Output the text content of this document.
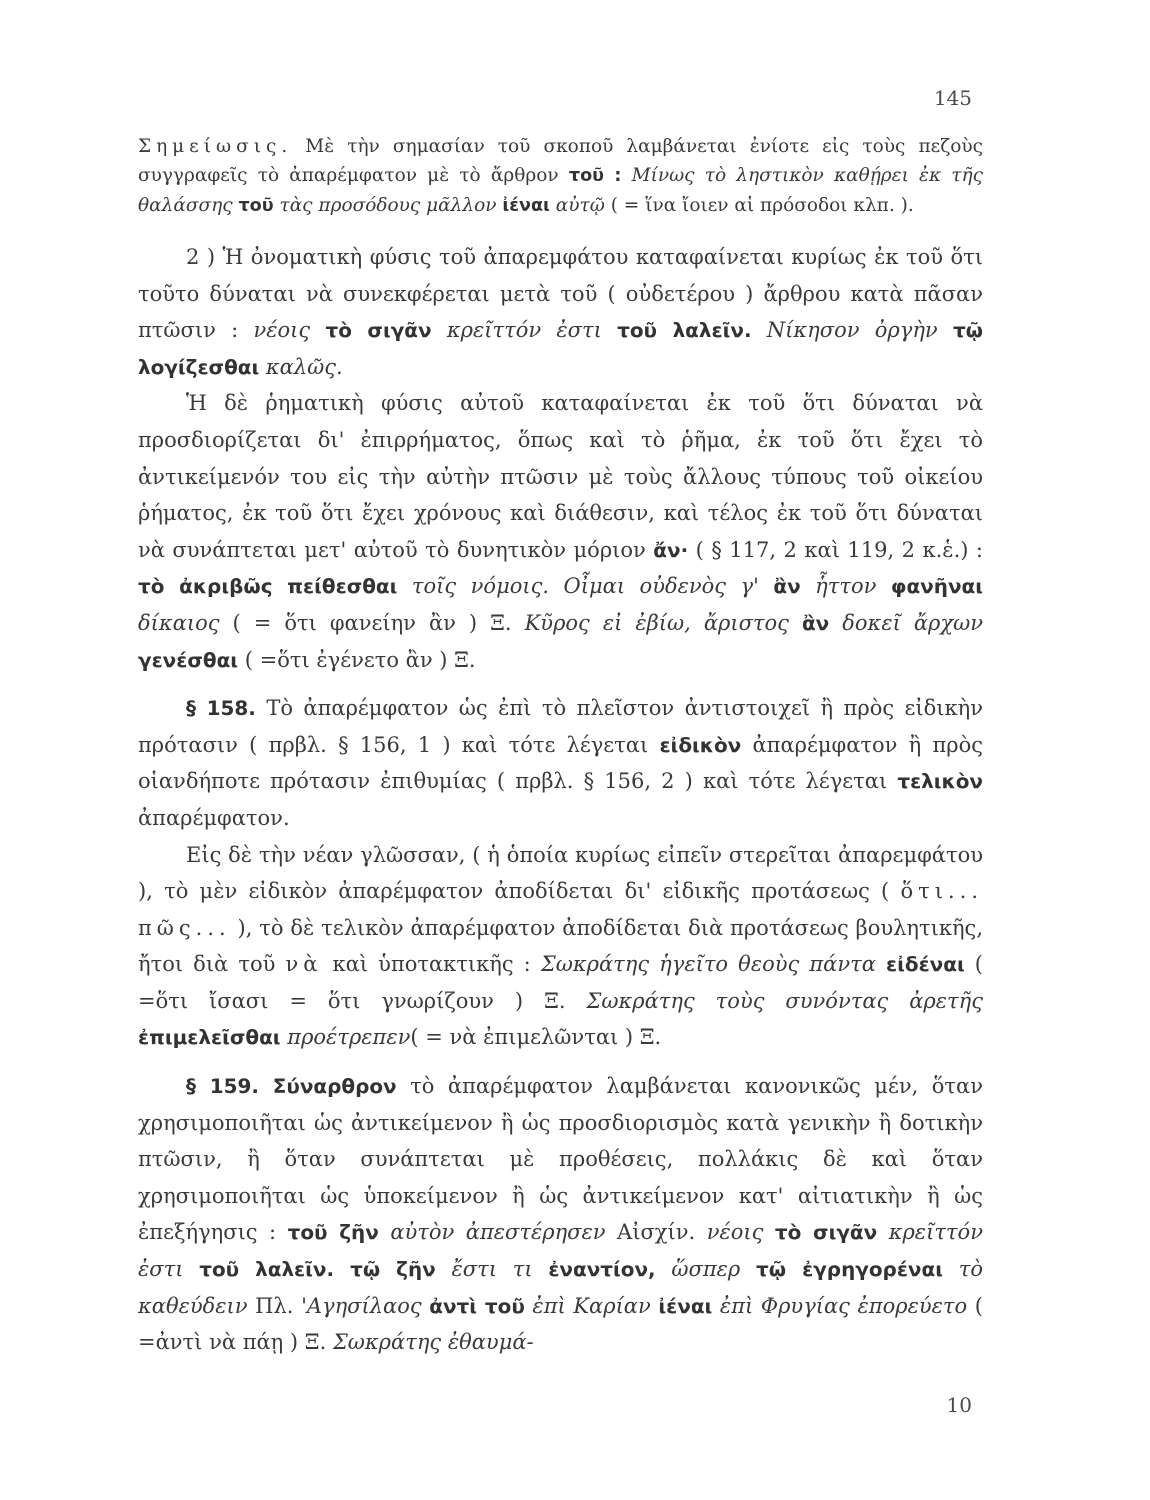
145

Σημείωσις. Μὲ τὴν σημασίαν τοῦ σκοποῦ λαμβάνεται ἐνίοτε εἰς τοὺς πεζοὺς συγγραφεῖς τὸ ἀπαρέμφατον μὲ τὸ ἄρθρον τοῦ : Μίνως τὸ ληστικὸν καθῄρει ἐκ τῆς θαλάσσης τοῦ τὰς προσόδους μᾶλλον ἰέναι αὐτῷ ( = ἵνα ἴοιεν αἱ πρόσοδοι κλπ. ).

2 ) Ἡ ὀνοματικὴ φύσις τοῦ ἀπαρεμφάτου καταφαίνεται κυρίως ἐκ τοῦ ὅτι τοῦτο δύναται νὰ συνεκφέρεται μετὰ τοῦ ( οὐδετέρου ) ἄρθρου κατὰ πᾶσαν πτῶσιν : νέοις τὸ σιγᾶν κρεῖττόν ἐστι τοῦ λαλεῖν. Νίκησον ὀργὴν τῷ λογίζεσθαι καλῶς.

Ἡ δὲ ῥηματικὴ φύσις αὐτοῦ καταφαίνεται ἐκ τοῦ ὅτι δύναται νὰ προσδιορίζεται δι' ἐπιρρήματος, ὅπως καὶ τὸ ῥῆμα, ἐκ τοῦ ὅτι ἔχει τὸ ἀντικείμενόν του εἰς τὴν αὐτὴν πτῶσιν μὲ τοὺς ἄλλους τύπους τοῦ οἰκείου ῥήματος, ἐκ τοῦ ὅτι ἔχει χρόνους καὶ διάθεσιν, καὶ τέλος ἐκ τοῦ ὅτι δύναται νὰ συνάπτεται μετ' αὐτοῦ τὸ δυνητικὸν μόριον ἄν· ( § 117, 2 καὶ 119, 2 κ.ἑ.) : τὸ ἀκριβῶς πείθεσθαι τοῖς νόμοις. Οἶμαι οὐδενὸς γ' ἂν ἧττον φανῆναι δίκαιος ( = ὅτι φανείην ἂν ) Ξ. Κῦρος εἰ ἐβίω, ἄριστος ἂν δοκεῖ ἄρχων γενέσθαι ( =ὅτι ἐγένετο ἂν ) Ξ.

§ 158. Τὸ ἀπαρέμφατον ὡς ἐπὶ τὸ πλεῖστον ἀντιστοιχεῖ ἢ πρὸς εἰδικὴν πρότασιν ( πρβλ. § 156, 1 ) καὶ τότε λέγεται εἰδικὸν ἀπαρέμφατον ἢ πρὸς οἱανδήποτε πρότασιν ἐπιθυμίας ( πρβλ. § 156, 2 ) καὶ τότε λέγεται τελικὸν ἀπαρέμφατον.

Εἰς δὲ τὴν νέαν γλῶσσαν, ( ἡ ὁποία κυρίως εἰπεῖν στερεῖται ἀπαρεμφάτου ), τὸ μὲν εἰδικὸν ἀπαρέμφατον ἀποδίδεται δι' εἰδικῆς προτάσεως ( ὅτι... πῶς... ), τὸ δὲ τελικὸν ἀπαρέμφατον ἀποδίδεται διὰ προτάσεως βουλητικῆς, ἤτοι διὰ τοῦ νὰ καὶ ὑποτακτικῆς : Σωκράτης ἡγεῖτο θεοὺς πάντα εἰδέναι ( =ὅτι ἴσασι = ὅτι γνωρίζουν ) Ξ. Σωκράτης τοὺς συνόντας ἀρετῆς ἐπιμελεῖσθαι προέτρεπεν( = νὰ ἐπιμελῶνται ) Ξ.

§ 159. Σύναρθρον τὸ ἀπαρέμφατον λαμβάνεται κανονικῶς μέν, ὅταν χρησιμοποιῆται ὡς ἀντικείμενον ἢ ὡς προσδιορισμὸς κατὰ γενικὴν ἢ δοτικὴν πτῶσιν, ἢ ὅταν συνάπτεται μὲ προθέσεις, πολλάκις δὲ καὶ ὅταν χρησιμοποιῆται ὡς ὑποκείμενον ἢ ὡς ἀντικείμενον κατ' αἰτιατικὴν ἢ ὡς ἐπεξήγησις : τοῦ ζῆν αὐτὸν ἀπεστέρησεν Αἰσχίν. νέοις τὸ σιγᾶν κρεῖττόν ἐστι τοῦ λαλεῖν. τῷ ζῆν ἔστι τι ἐναντίον, ὥσπερ τῷ ἐγρηγορέναι τὸ καθεύδειν Πλ. 'Αγησίλαος ἀντὶ τοῦ ἐπὶ Καρίαν ἰέναι ἐπὶ Φρυγίας ἐπορεύετο ( =ἀντὶ νὰ πάῃ ) Ξ. Σωκράτης ἐθαυμά-

10
